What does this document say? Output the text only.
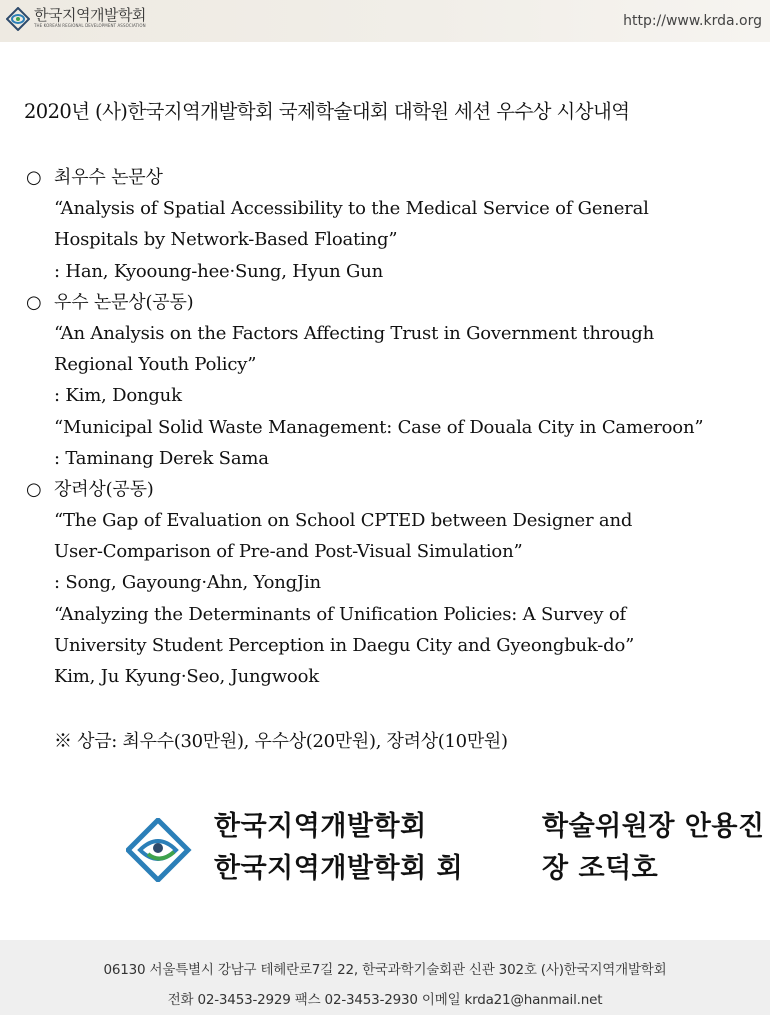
한국지역개발학회
THE KOREAN REGIONAL DEVELOPMENT ASSOCIATION	http://www.krda.org
2020년 (사)한국지역개발학회 국제학술대회 대학원 세션 우수상 시상내역
○ 최우수 논문상
“Analysis of Spatial Accessibility to the Medical Service of General
Hospitals by Network-Based Floating”
: Han, Kyooung-hee·Sung, Hyun Gun
○ 우수 논문상(공동)
“An Analysis on the Factors Affecting Trust in Government through
Regional Youth Policy”
: Kim, Donguk
“Municipal Solid Waste Management: Case of Douala City in Cameroon”
: Taminang Derek Sama
○ 장려상(공동)
“The Gap of Evaluation on School CPTED between Designer and
User-Comparison of Pre-and Post-Visual Simulation”
: Song, Gayoung·Ahn, YongJin
“Analyzing the Determinants of Unification Policies: A Survey of
University Student Perception in Daegu City and Gyeongbuk-do”
Kim, Ju Kyung·Seo, Jungwook
※ 상금: 최우수(30만원), 우수상(20만원), 장려상(10만원)
한국지역개발학회	학술위원장 안용진
한국지역개발학회 회	장 조덕호
06130 서울특별시 강남구 테헤란로7길 22, 한국과학기술회관 신관 302호 (사)한국지역개발학회
전화 02-3453-2929 팩스 02-3453-2930 이메일 krda21@hanmail.net
